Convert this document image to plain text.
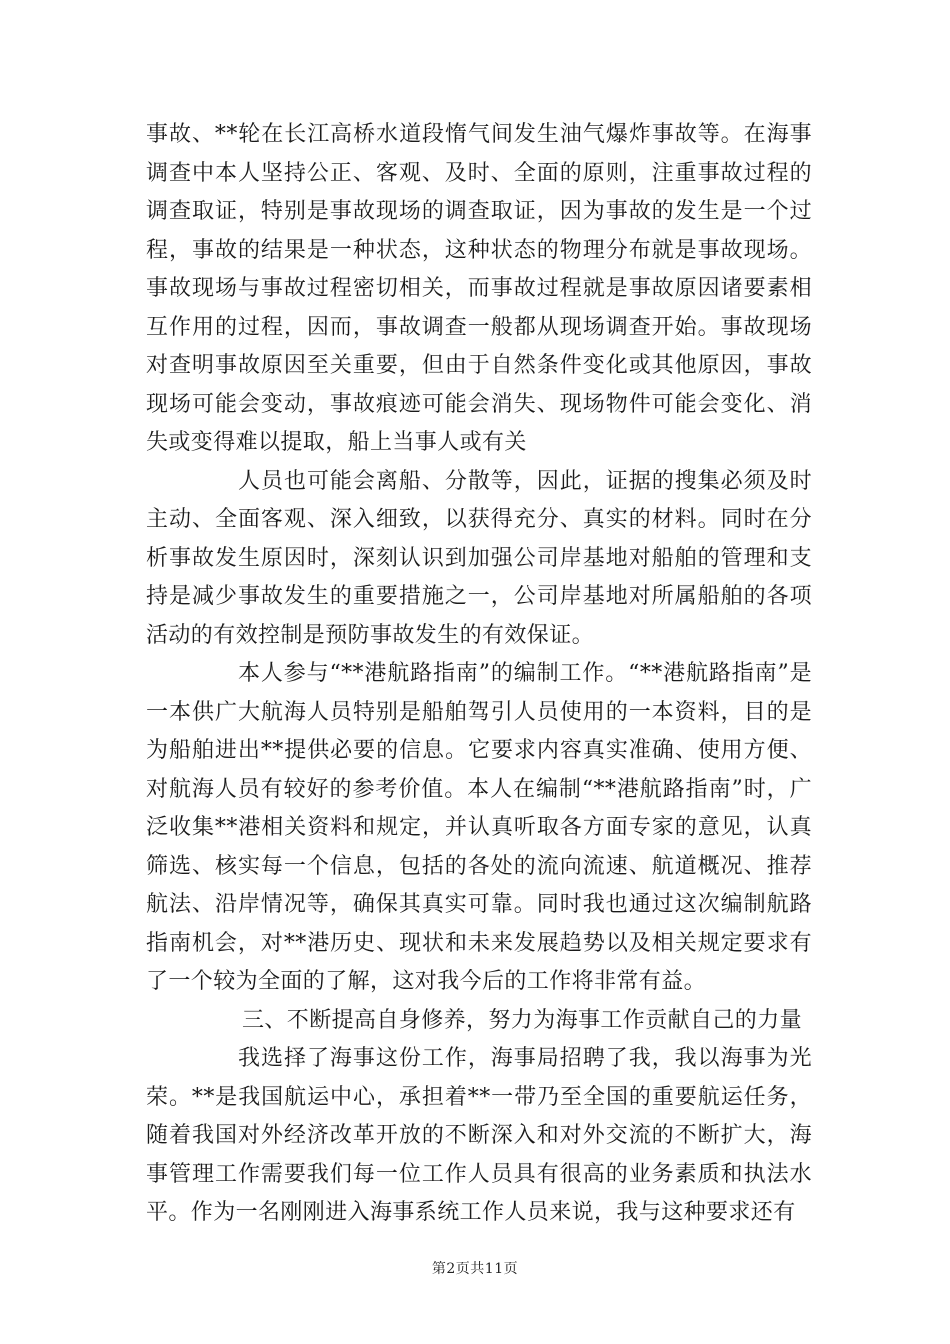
事故、**轮在长江高桥水道段惰气间发生油气爆炸事故等。在海事调查中本人坚持公正、客观、及时、全面的原则，注重事故过程的调查取证，特别是事故现场的调查取证，因为事故的发生是一个过程，事故的结果是一种状态，这种状态的物理分布就是事故现场。事故现场与事故过程密切相关，而事故过程就是事故原因诸要素相互作用的过程，因而，事故调查一般都从现场调查开始。事故现场对查明事故原因至关重要，但由于自然条件变化或其他原因，事故现场可能会变动，事故痕迹可能会消失、现场物件可能会变化、消失或变得难以提取，船上当事人或有关

人员也可能会离船、分散等，因此，证据的搜集必须及时主动、全面客观、深入细致，以获得充分、真实的材料。同时在分析事故发生原因时，深刻认识到加强公司岸基地对船舶的管理和支持是减少事故发生的重要措施之一，公司岸基地对所属船舶的各项活动的有效控制是预防事故发生的有效保证。

本人参与“**港航路指南”的编制工作。“**港航路指南”是一本供广大航海人员特别是船舶驾引人员使用的一本资料，目的是为船舶进出**提供必要的信息。它要求内容真实准确、使用方便、对航海人员有较好的参考价值。本人在编制“**港航路指南”时，广泛收集**港相关资料和规定，并认真听取各方面专家的意见，认真筛选、核实每一个信息，包括的各处的流向流速、航道概况、推荐航法、沿岸情况等，确保其真实可靠。同时我也通过这次编制航路指南机会，对**港历史、现状和未来发展趋势以及相关规定要求有了一个较为全面的了解，这对我今后的工作将非常有益。

三、不断提高自身修养，努力为海事工作贡献自己的力量

我选择了海事这份工作，海事局招聘了我，我以海事为光荣。**是我国航运中心，承担着**一带乃至全国的重要航运任务，随着我国对外经济改革开放的不断深入和对外交流的不断扩大，海事管理工作需要我们每一位工作人员具有很高的业务素质和执法水平。作为一名刚刚进入海事系统工作人员来说，我与这种要求还有

第2页共11页
